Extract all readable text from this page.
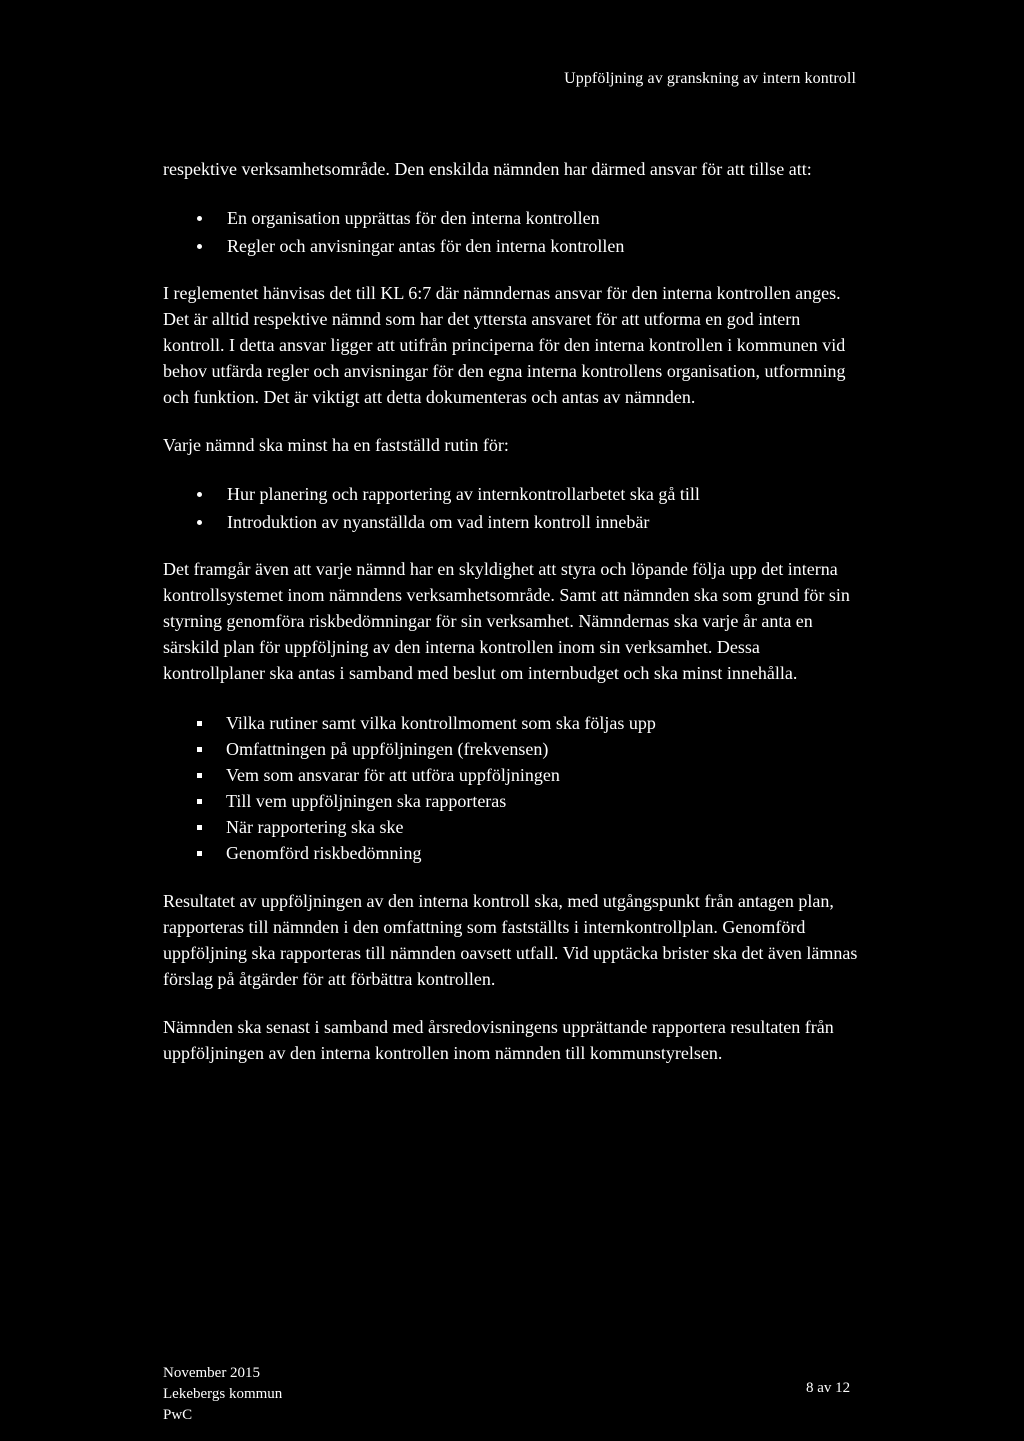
Uppföljning av granskning av intern kontroll

respektive verksamhetsområde. Den enskilda nämnden har därmed ansvar för att tillse att:

En organisation upprättas för den interna kontrollen
Regler och anvisningar antas för den interna kontrollen

I reglementet hänvisas det till KL 6:7 där nämndernas ansvar för den interna kontrollen anges. Det är alltid respektive nämnd som har det yttersta ansvaret för att utforma en god intern kontroll. I detta ansvar ligger att utifrån principerna för den interna kontrollen i kommunen vid behov utfärda regler och anvisningar för den egna interna kontrollens organisation, utformning och funktion. Det är viktigt att detta dokumenteras och antas av nämnden.

Varje nämnd ska minst ha en fastställd rutin för:

Hur planering och rapportering av internkontrollarbetet ska gå till
Introduktion av nyanställda om vad intern kontroll innebär

Det framgår även att varje nämnd har en skyldighet att styra och löpande följa upp det interna kontrollsystemet inom nämndens verksamhetsområde. Samt att nämnden ska som grund för sin styrning genomföra riskbedömningar för sin verksamhet. Nämndernas ska varje år anta en särskild plan för uppföljning av den interna kontrollen inom sin verksamhet. Dessa kontrollplaner ska antas i samband med beslut om internbudget och ska minst innehålla.

Vilka rutiner samt vilka kontrollmoment som ska följas upp
Omfattningen på uppföljningen (frekvensen)
Vem som ansvarar för att utföra uppföljningen
Till vem uppföljningen ska rapporteras
När rapportering ska ske
Genomförd riskbedömning

Resultatet av uppföljningen av den interna kontroll ska, med utgångspunkt från antagen plan, rapporteras till nämnden i den omfattning som fastställts i internkontrollplan. Genomförd uppföljning ska rapporteras till nämnden oavsett utfall. Vid upptäcka brister ska det även lämnas förslag på åtgärder för att förbättra kontrollen.

Nämnden ska senast i samband med årsredovisningens upprättande rapportera resultaten från uppföljningen av den interna kontrollen inom nämnden till kommunstyrelsen.

November 2015
Lekebergs kommun
PwC
8 av 12
